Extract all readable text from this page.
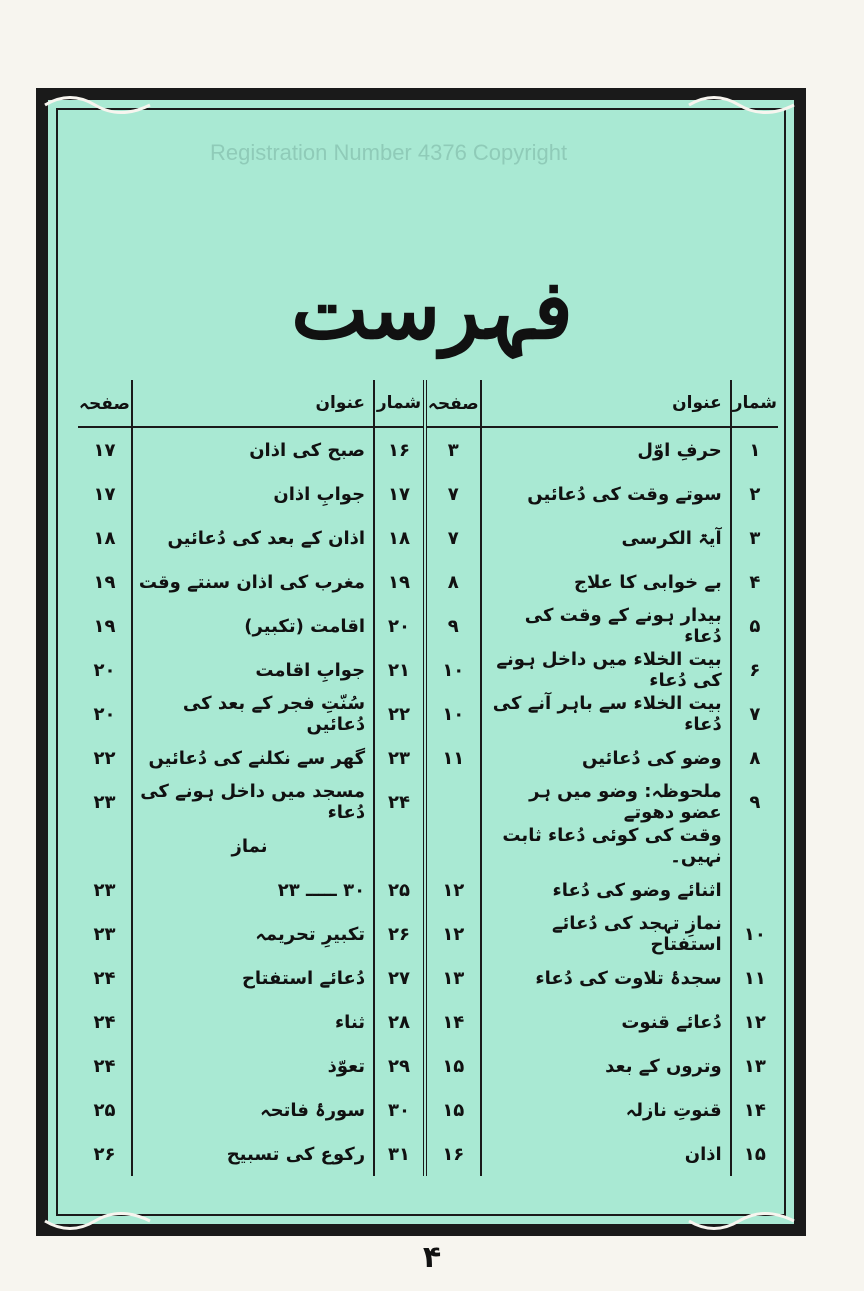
Registration Number 4376 Copyright
فہرست
شمار	عنوان	صفحہ	شمار	عنوان	صفحہ
۱	حرفِ اوّل	۳	۱۶	صبح کی اذان	۱۷
۲	سوتے وقت کی دُعائیں	۷	۱۷	جوابِ اذان	۱۷
۳	آیۃ الکرسی	۷	۱۸	اذان کے بعد کی دُعائیں	۱۸
۴	بے خوابی کا علاج	۸	۱۹	مغرب کی اذان سنتے وقت	۱۹
۵	بیدار ہونے کے وقت کی دُعاء	۹	۲۰	اقامت (تکبیر)	۱۹
۶	بیت الخلاء میں داخل ہونے کی دُعاء	۱۰	۲۱	جوابِ اقامت	۲۰
۷	بیت الخلاء سے باہر آنے کی دُعاء	۱۰	۲۲	سُنّتِ فجر کے بعد کی دُعائیں	۲۰
۸	وضو کی دُعائیں	۱۱	۲۳	گھر سے نکلنے کی دُعائیں	۲۲
۹	ملحوظہ: وضو میں ہر عضو دھوتے		۲۴	مسجد میں داخل ہونے کی دُعاء	۲۳
	وقت کی کوئی دُعاء ثابت نہیں۔			نماز	
	اثنائے وضو کی دُعاء	۱۲	۲۵	۳۰ ـــــ ۲۳	۲۳
۱۰	نمازِ تہجد کی دُعائے استفتاح	۱۲	۲۶	تکبیرِ تحریمہ	۲۳
۱۱	سجدۂ تلاوت کی دُعاء	۱۳	۲۷	دُعائے استفتاح	۲۴
۱۲	دُعائے قنوت	۱۴	۲۸	ثناء	۲۴
۱۳	وتروں کے بعد	۱۵	۲۹	تعوّذ	۲۴
۱۴	قنوتِ نازلہ	۱۵	۳۰	سورۂ فاتحہ	۲۵
۱۵	اذان	۱۶	۳۱	رکوع کی تسبیح	۲۶
۴
